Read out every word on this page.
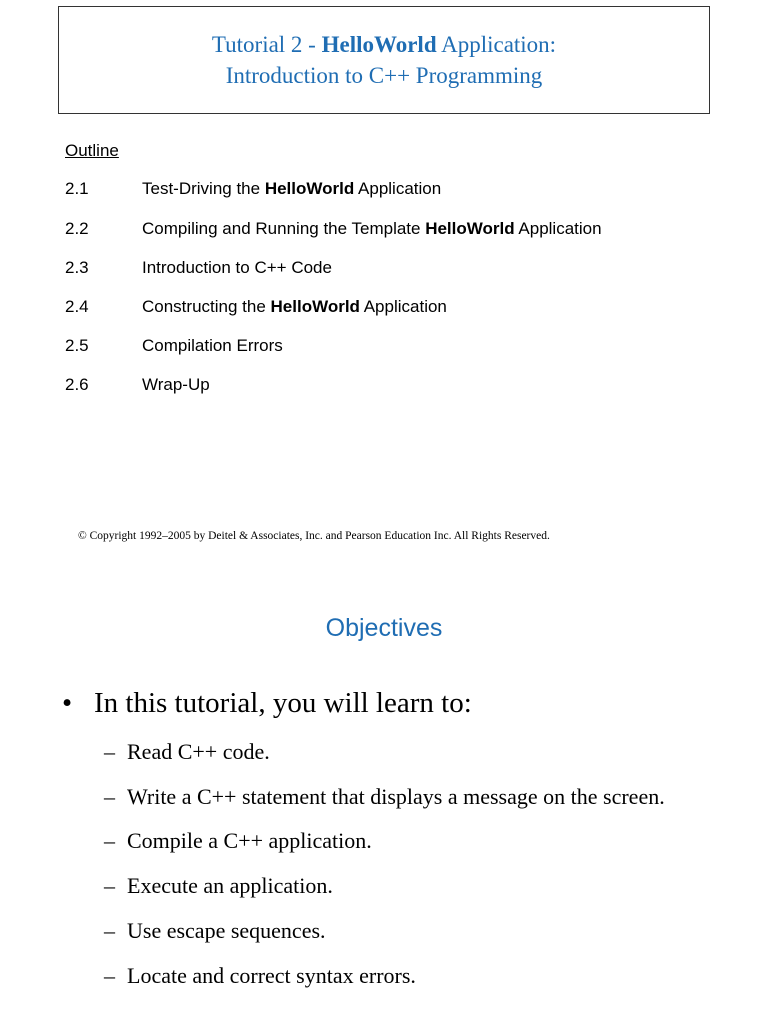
Tutorial 2 - HelloWorld Application:
Introduction to C++ Programming
Outline
2.1	Test-Driving the HelloWorld Application
2.2	Compiling and Running the Template HelloWorld Application
2.3	Introduction to C++ Code
2.4	Constructing the HelloWorld Application
2.5	Compilation Errors
2.6	Wrap-Up
© Copyright 1992–2005 by Deitel & Associates, Inc. and Pearson Education Inc. All Rights Reserved.
Objectives
• In this tutorial, you will learn to:
– Read C++ code.
– Write a C++ statement that displays a message on the screen.
– Compile a C++ application.
– Execute an application.
– Use escape sequences.
– Locate and correct syntax errors.
